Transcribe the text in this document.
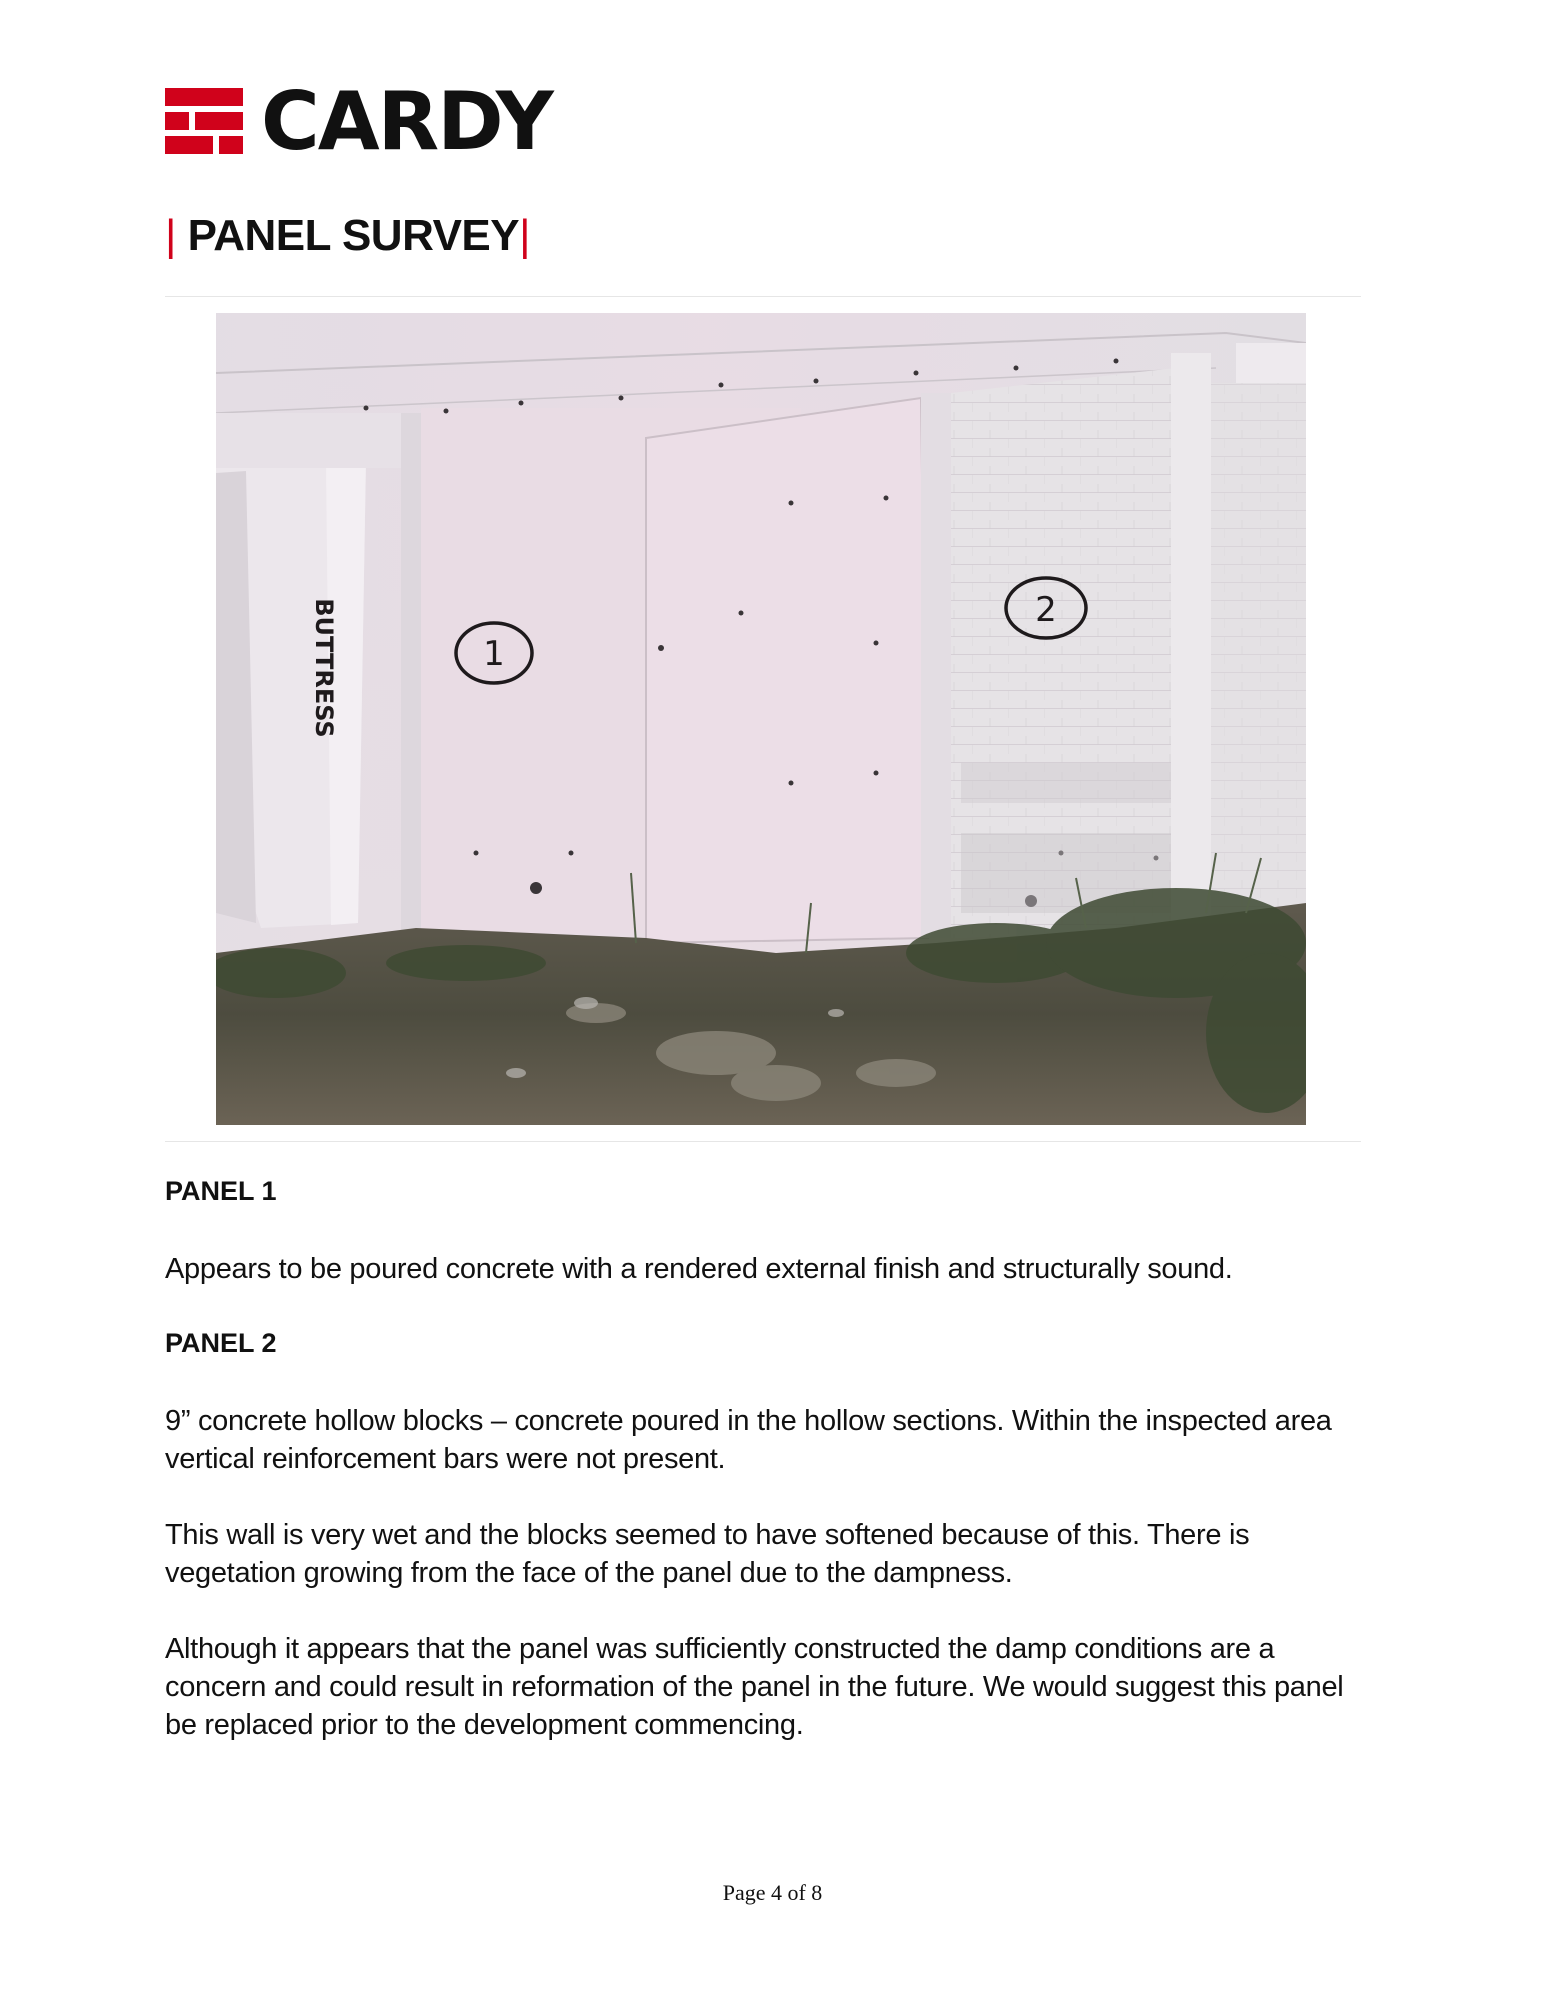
CARDY
| PANEL SURVEY|
BUTTRESS	1
2
PANEL 1

Appears to be poured concrete with a rendered external finish and structurally sound.

PANEL 2

9” concrete hollow blocks – concrete poured in the hollow sections. Within the inspected area vertical reinforcement bars were not present.

This wall is very wet and the blocks seemed to have softened because of this. There is vegetation growing from the face of the panel due to the dampness.

Although it appears that the panel was sufficiently constructed the damp conditions are a concern and could result in reformation of the panel in the future. We would suggest this panel be replaced prior to the development commencing.

Page 4 of 8
